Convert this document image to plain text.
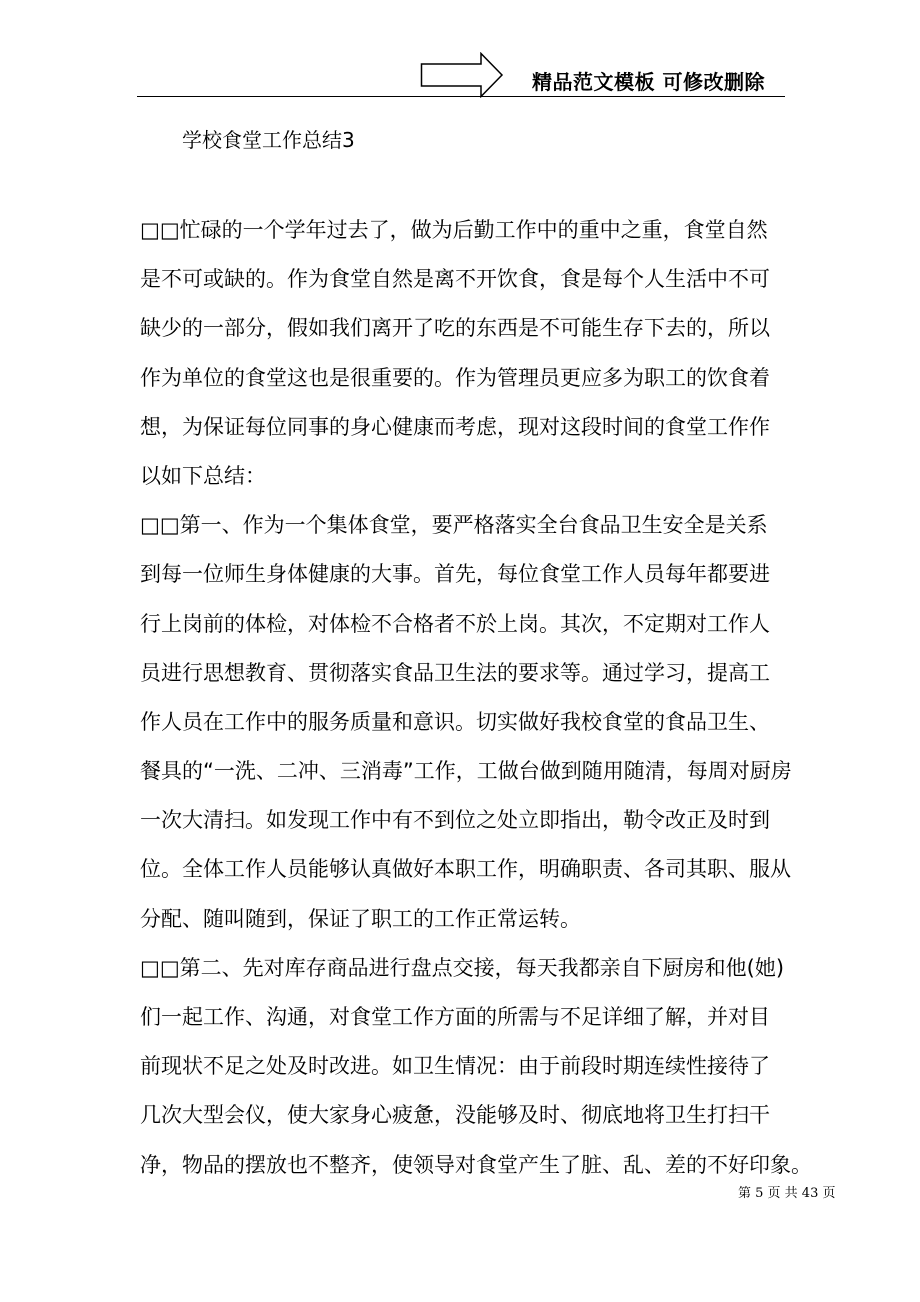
精品范文模板 可修改删除
学校食堂工作总结3
□□忙碌的一个学年过去了，做为后勤工作中的重中之重，食堂自然
是不可或缺的。作为食堂自然是离不开饮食，食是每个人生活中不可
缺少的一部分，假如我们离开了吃的东西是不可能生存下去的，所以
作为单位的食堂这也是很重要的。作为管理员更应多为职工的饮食着
想，为保证每位同事的身心健康而考虑，现对这段时间的食堂工作作
以如下总结：
□□第一、作为一个集体食堂，要严格落实全台食品卫生安全是关系
到每一位师生身体健康的大事。首先，每位食堂工作人员每年都要进
行上岗前的体检，对体检不合格者不於上岗。其次，不定期对工作人
员进行思想教育、贯彻落实食品卫生法的要求等。通过学习，提高工
作人员在工作中的服务质量和意识。切实做好我校食堂的食品卫生、
餐具的“一洗、二冲、三消毒”工作，工做台做到随用随清，每周对厨房
一次大清扫。如发现工作中有不到位之处立即指出，勒令改正及时到
位。全体工作人员能够认真做好本职工作，明确职责、各司其职、服从
分配、随叫随到，保证了职工的工作正常运转。
□□第二、先对库存商品进行盘点交接，每天我都亲自下厨房和他(她)
们一起工作、沟通，对食堂工作方面的所需与不足详细了解，并对目
前现状不足之处及时改进。如卫生情况：由于前段时期连续性接待了
几次大型会仪，使大家身心疲惫，没能够及时、彻底地将卫生打扫干
净，物品的摆放也不整齐，使领导对食堂产生了脏、乱、差的不好印象。
第 5 页 共 43 页
